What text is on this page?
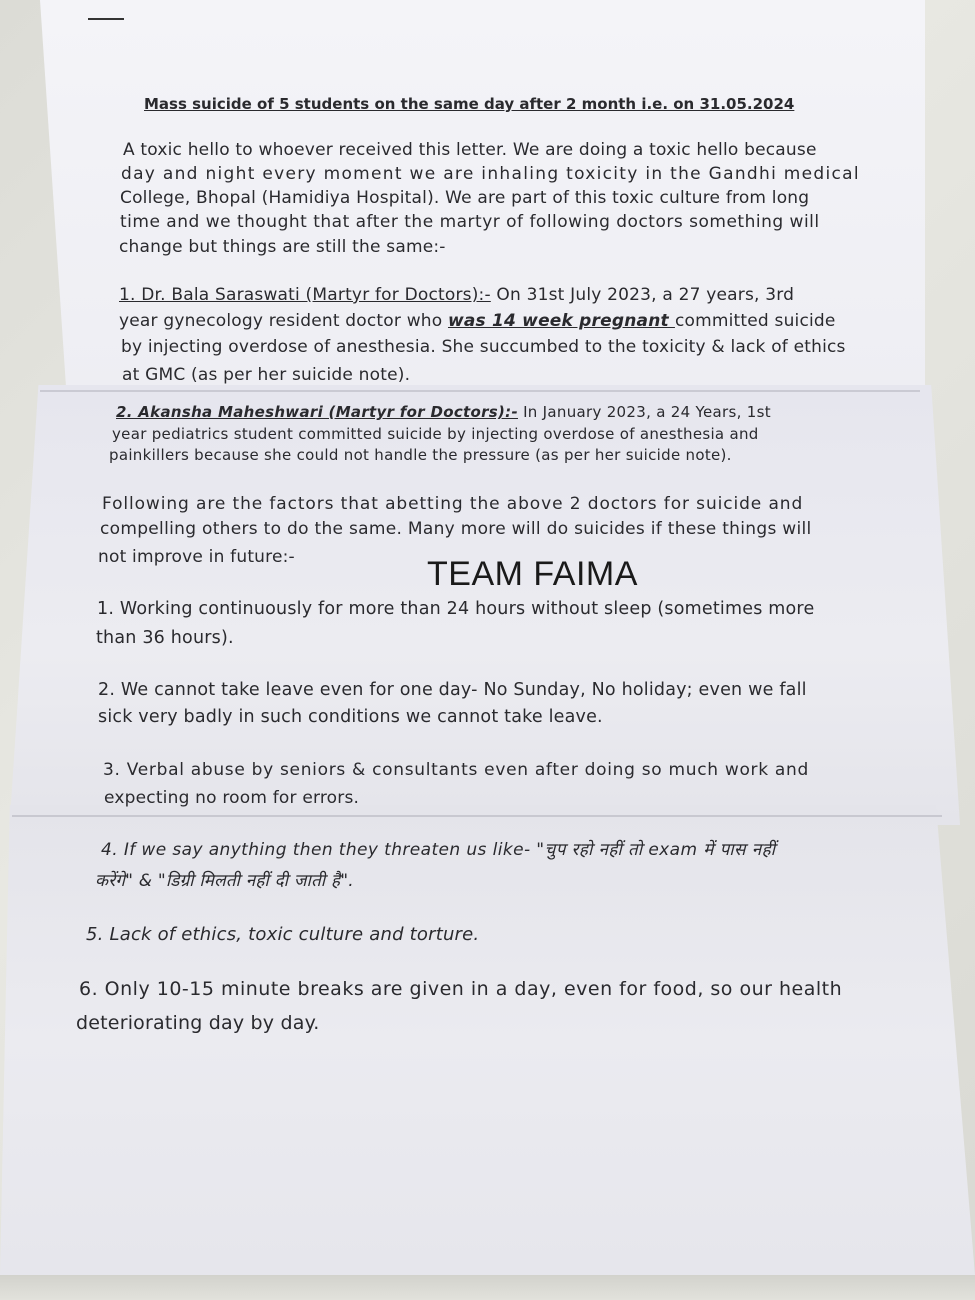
Mass suicide of 5 students on the same day after 2 month i.e. on 31.05.2024
A toxic hello to whoever received this letter. We are doing a toxic hello because
day and night every moment we are inhaling toxicity in the Gandhi medical
College, Bhopal (Hamidiya Hospital). We are part of this toxic culture from long
time and we thought that after the martyr of following doctors something will
change but things are still the same:-
1. Dr. Bala Saraswati (Martyr for Doctors):- On 31st July 2023, a 27 years, 3rd
year gynecology resident doctor who was 14 week pregnant committed suicide
by injecting overdose of anesthesia. She succumbed to the toxicity & lack of ethics
at GMC (as per her suicide note).
2. Akansha Maheshwari (Martyr for Doctors):- In January 2023, a 24 Years, 1st
year pediatrics student committed suicide by injecting overdose of anesthesia and
painkillers because she could not handle the pressure (as per her suicide note).
Following are the factors that abetting the above 2 doctors for suicide and
compelling others to do the same. Many more will do suicides if these things will
not improve in future:-	TEAM FAIMA
1. Working continuously for more than 24 hours without sleep (sometimes more
than 36 hours).
2. We cannot take leave even for one day- No Sunday, No holiday; even we fall
sick very badly in such conditions we cannot take leave.
3. Verbal abuse by seniors & consultants even after doing so much work and
expecting no room for errors.
4. If we say anything then they threaten us like- "चुप रहो नहीं तो exam में पास नहीं
करेंगे" & "डिग्री मिलती नहीं दी जाती है".
5. Lack of ethics, toxic culture and torture.
6. Only 10-15 minute breaks are given in a day, even for food, so our health
deteriorating day by day.
